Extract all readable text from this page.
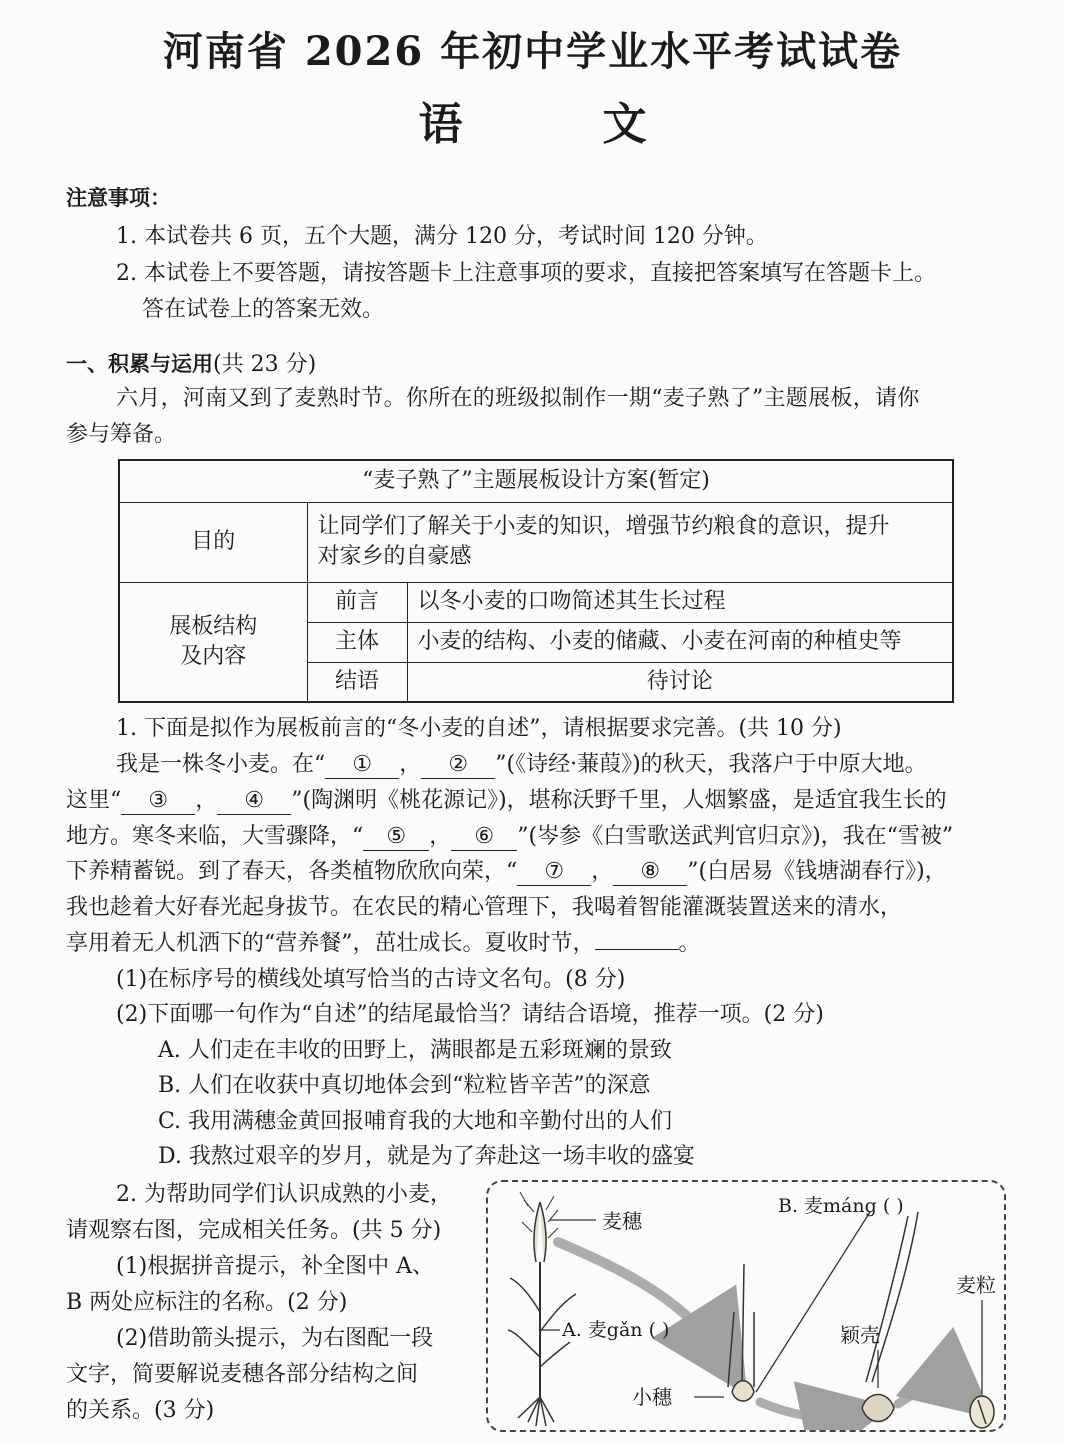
河南省 2026 年初中学业水平考试试卷
语文
注意事项：
1. 本试卷共 6 页，五个大题，满分 120 分，考试时间 120 分钟。
2. 本试卷上不要答题，请按答题卡上注意事项的要求，直接把答案填写在答题卡上。
答在试卷上的答案无效。
一、积累与运用(共 23 分)
六月，河南又到了麦熟时节。你所在的班级拟制作一期“麦子熟了”主题展板，请你
参与筹备。
“麦子熟了”主题展板设计方案(暂定)		
目的	让同学们了解关于小麦的知识，增强节约粮食的意识，提升
对家乡的自豪感	

展板结构
及内容	前言	以冬小麦的口吻简述其生长过程
	主体	小麦的结构、小麦的储藏、小麦在河南的种植史等
	结语	待讨论
1. 下面是拟作为展板前言的“冬小麦的自述”，请根据要求完善。(共 10 分)
我是一株冬小麦。在“ ① ， ② ”(《诗经·蒹葭》)的秋天，我落户于中原大地。
这里“ ③ ， ④ ”(陶渊明《桃花源记》)，堪称沃野千里，人烟繁盛，是适宜我生长的
地方。寒冬来临，大雪骤降，“ ⑤ ， ⑥ ”(岑参《白雪歌送武判官归京》)，我在“雪被”
下养精蓄锐。到了春天，各类植物欣欣向荣，“ ⑦ ， ⑧ ”(白居易《钱塘湖春行》)，
我也趁着大好春光起身拔节。在农民的精心管理下，我喝着智能灌溉装置送来的清水，
享用着无人机洒下的“营养餐”，茁壮成长。夏收时节，	。
(1)在标序号的横线处填写恰当的古诗文名句。(8 分)
(2)下面哪一句作为“自述”的结尾最恰当？请结合语境，推荐一项。(2 分)
A. 人们走在丰收的田野上，满眼都是五彩斑斓的景致
B. 人们在收获中真切地体会到“粒粒皆辛苦”的深意
C. 我用满穗金黄回报哺育我的大地和辛勤付出的人们
D. 我熬过艰辛的岁月，就是为了奔赴这一场丰收的盛宴
2. 为帮助同学们认识成熟的小麦，
请观察右图，完成相关任务。(共 5 分)
(1)根据拼音提示，补全图中 A、
B 两处应标注的名称。(2 分)
(2)借助箭头提示，为右图配一段
文字，简要解说麦穗各部分结构之间
的关系。(3 分)
麦穗
B. 麦máng ( )
A. 麦gǎn ( )
小穗
颖壳
麦粒
